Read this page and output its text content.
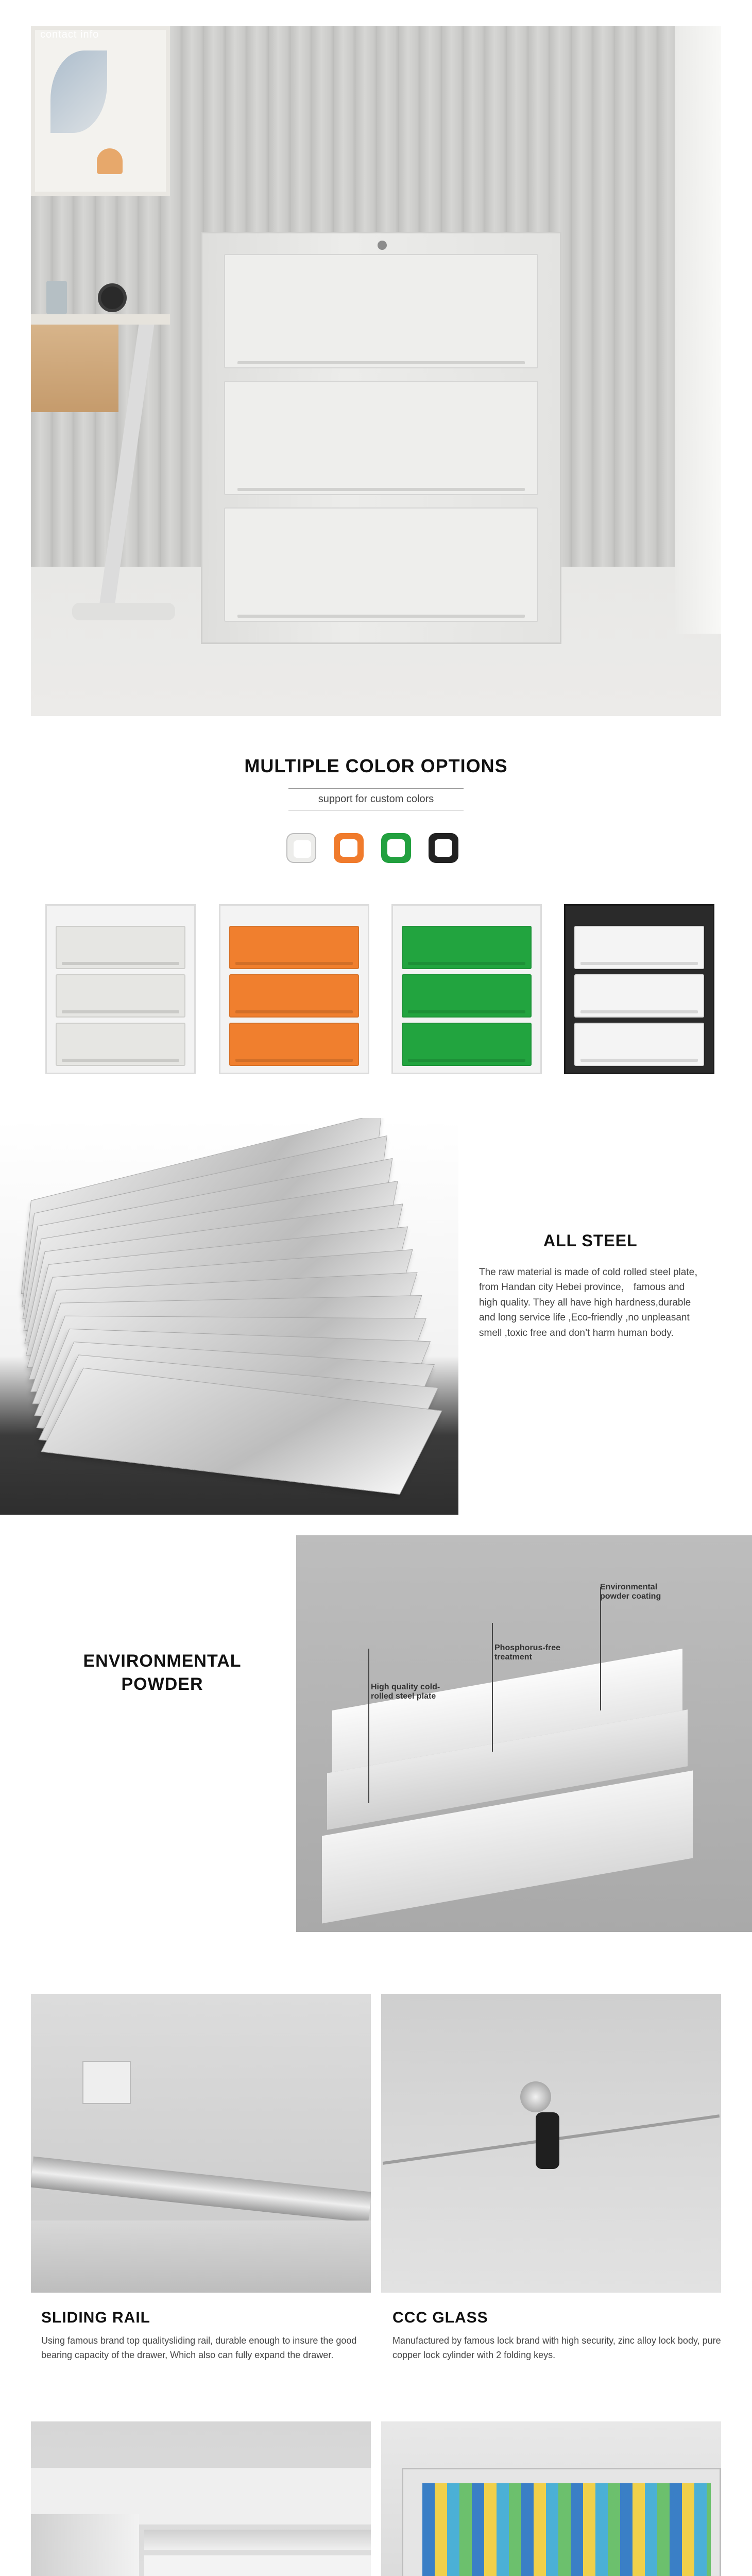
contact info
MULTIPLE COLOR OPTIONS
support for custom colors
ALL STEEL
The raw material is made of cold rolled steel plate，from Handan city Hebei province， famous and high quality. They all have high hardness,durable and long service life ,Eco-friendly ,no unpleasant smell ,toxic free and don’t harm human body.
ENVIRONMENTAL
POWDER
Environmental
powder coating
Phosphorus-free
treatment
High quality cold-
rolled steel plate
SLIDING RAIL
Using famous brand top qualitysliding rail, durable enough to insure the good bearing capacity of the drawer, Which also can fully expand the drawer.
CCC GLASS
Manufactured by famous lock brand with high security, zinc alloy lock body, pure copper lock cylinder with 2 folding keys.
